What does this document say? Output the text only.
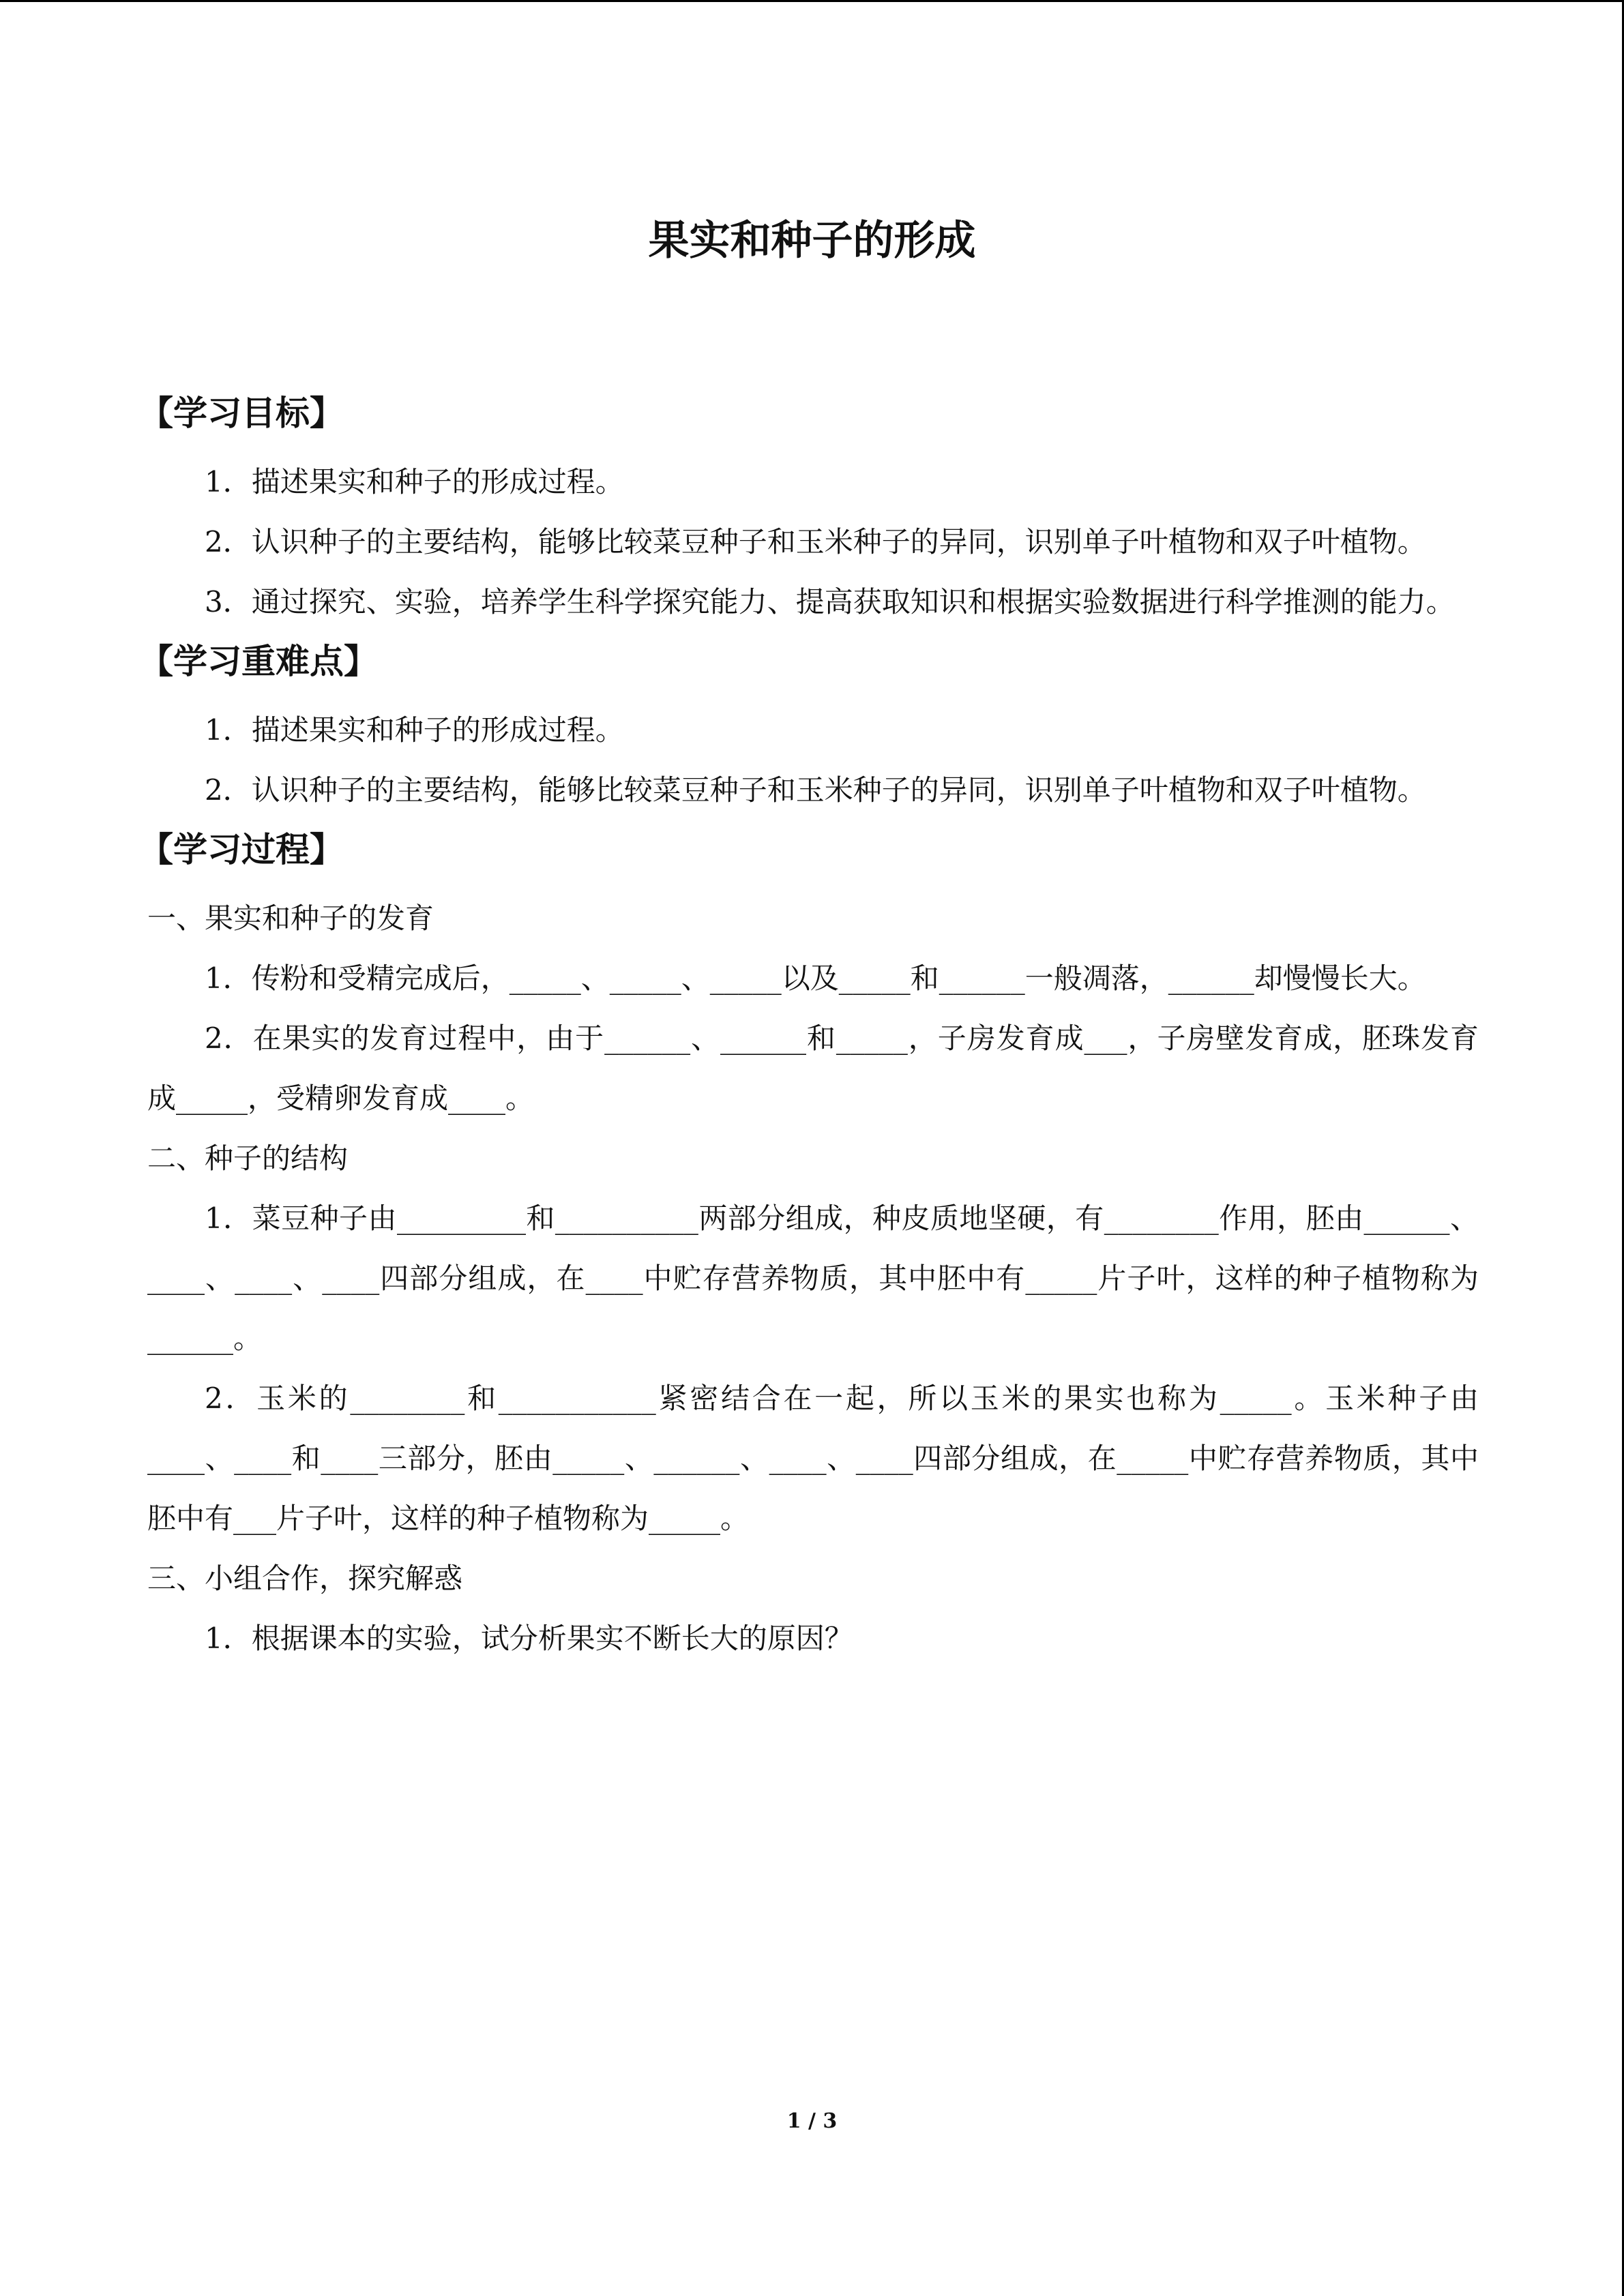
果实和种子的形成
【学习目标】

1．描述果实和种子的形成过程。

2．认识种子的主要结构，能够比较菜豆种子和玉米种子的异同，识别单子叶植物和双子叶植物。

3．通过探究、实验，培养学生科学探究能力、提高获取知识和根据实验数据进行科学推测的能力。

【学习重难点】

1．描述果实和种子的形成过程。

2．认识种子的主要结构，能够比较菜豆种子和玉米种子的异同，识别单子叶植物和双子叶植物。

【学习过程】

一、果实和种子的发育

1．传粉和受精完成后，_____、_____、_____以及_____和______一般凋落，______却慢慢长大。

2．在果实的发育过程中，由于______、______和_____，子房发育成___，子房壁发育成，胚珠发育成_____，受精卵发育成____。

二、种子的结构

1．菜豆种子由_________和__________两部分组成，种皮质地坚硬，有________作用，胚由______、____、____、____四部分组成，在____中贮存营养物质，其中胚中有_____片子叶，这样的种子植物称为______。

2．玉米的________和___________紧密结合在一起，所以玉米的果实也称为_____。玉米种子由____、____和____三部分，胚由_____、______、____、____四部分组成，在_____中贮存营养物质，其中胚中有___片子叶，这样的种子植物称为_____。

三、小组合作，探究解惑

1．根据课本的实验，试分析果实不断长大的原因？

1 / 3
